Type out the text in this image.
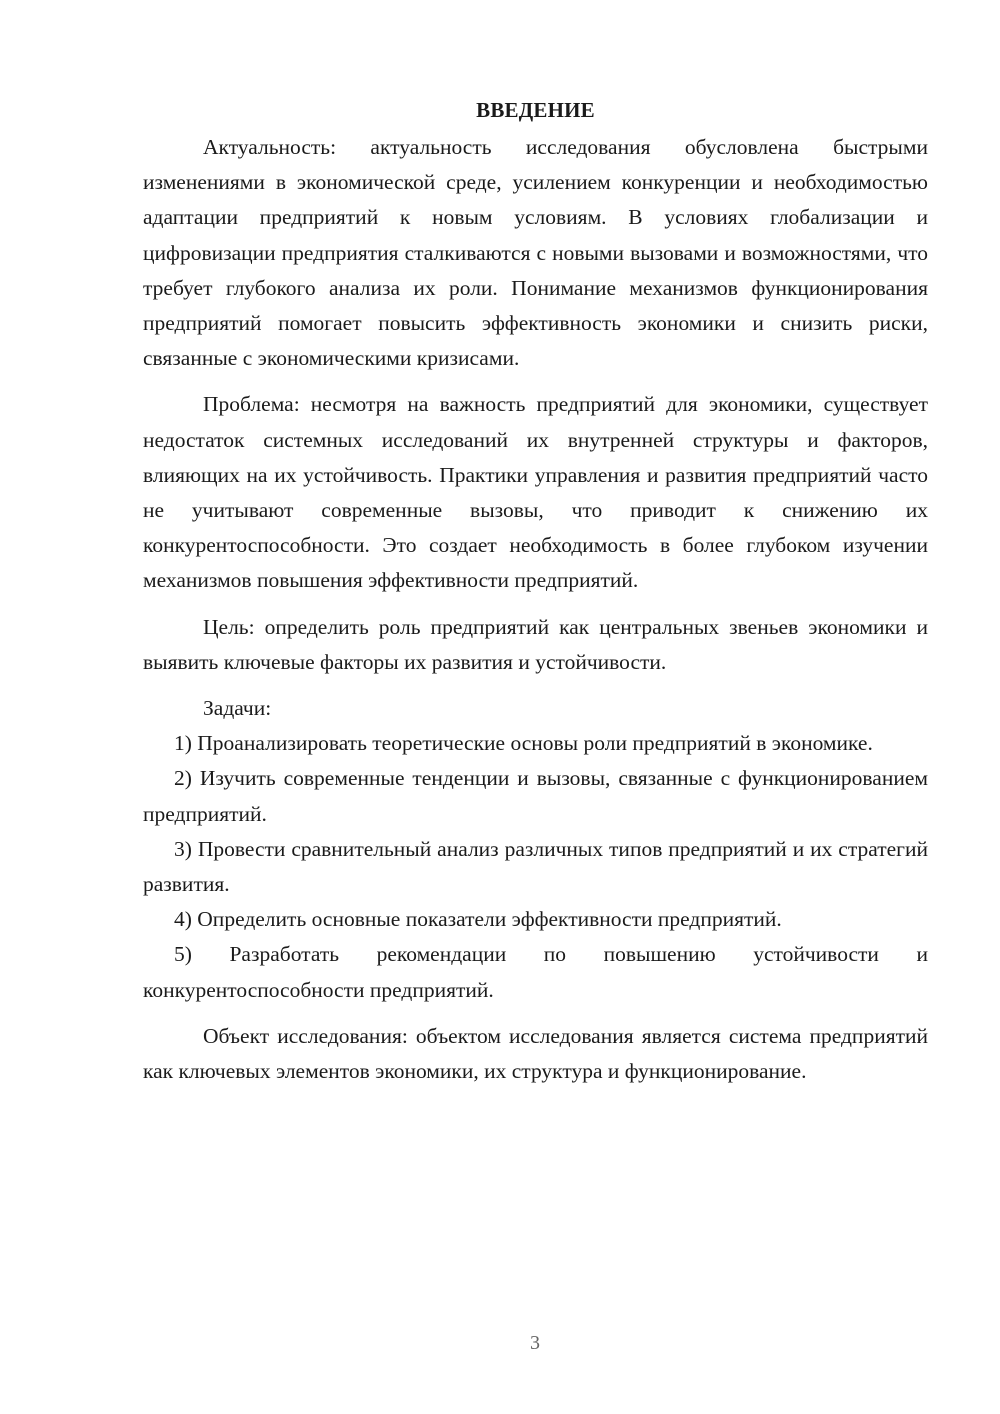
ВВЕДЕНИЕ

Актуальность: актуальность исследования обусловлена быстрыми изменениями в экономической среде, усилением конкуренции и необходимостью адаптации предприятий к новым условиям. В условиях глобализации и цифровизации предприятия сталкиваются с новыми вызовами и возможностями, что требует глубокого анализа их роли. Понимание механизмов функционирования предприятий помогает повысить эффективность экономики и снизить риски, связанные с экономическими кризисами.

Проблема: несмотря на важность предприятий для экономики, существует недостаток системных исследований их внутренней структуры и факторов, влияющих на их устойчивость. Практики управления и развития предприятий часто не учитывают современные вызовы, что приводит к снижению их конкурентоспособности. Это создает необходимость в более глубоком изучении механизмов повышения эффективности предприятий.

Цель: определить роль предприятий как центральных звеньев экономики и выявить ключевые факторы их развития и устойчивости.

Задачи:

1) Проанализировать теоретические основы роли предприятий в экономике.

2) Изучить современные тенденции и вызовы, связанные с функционированием предприятий.

3) Провести сравнительный анализ различных типов предприятий и их стратегий развития.

4) Определить основные показатели эффективности предприятий.

5) Разработать рекомендации по повышению устойчивости и конкурентоспособности предприятий.

Объект исследования: объектом исследования является система предприятий как ключевых элементов экономики, их структура и функционирование.

3
